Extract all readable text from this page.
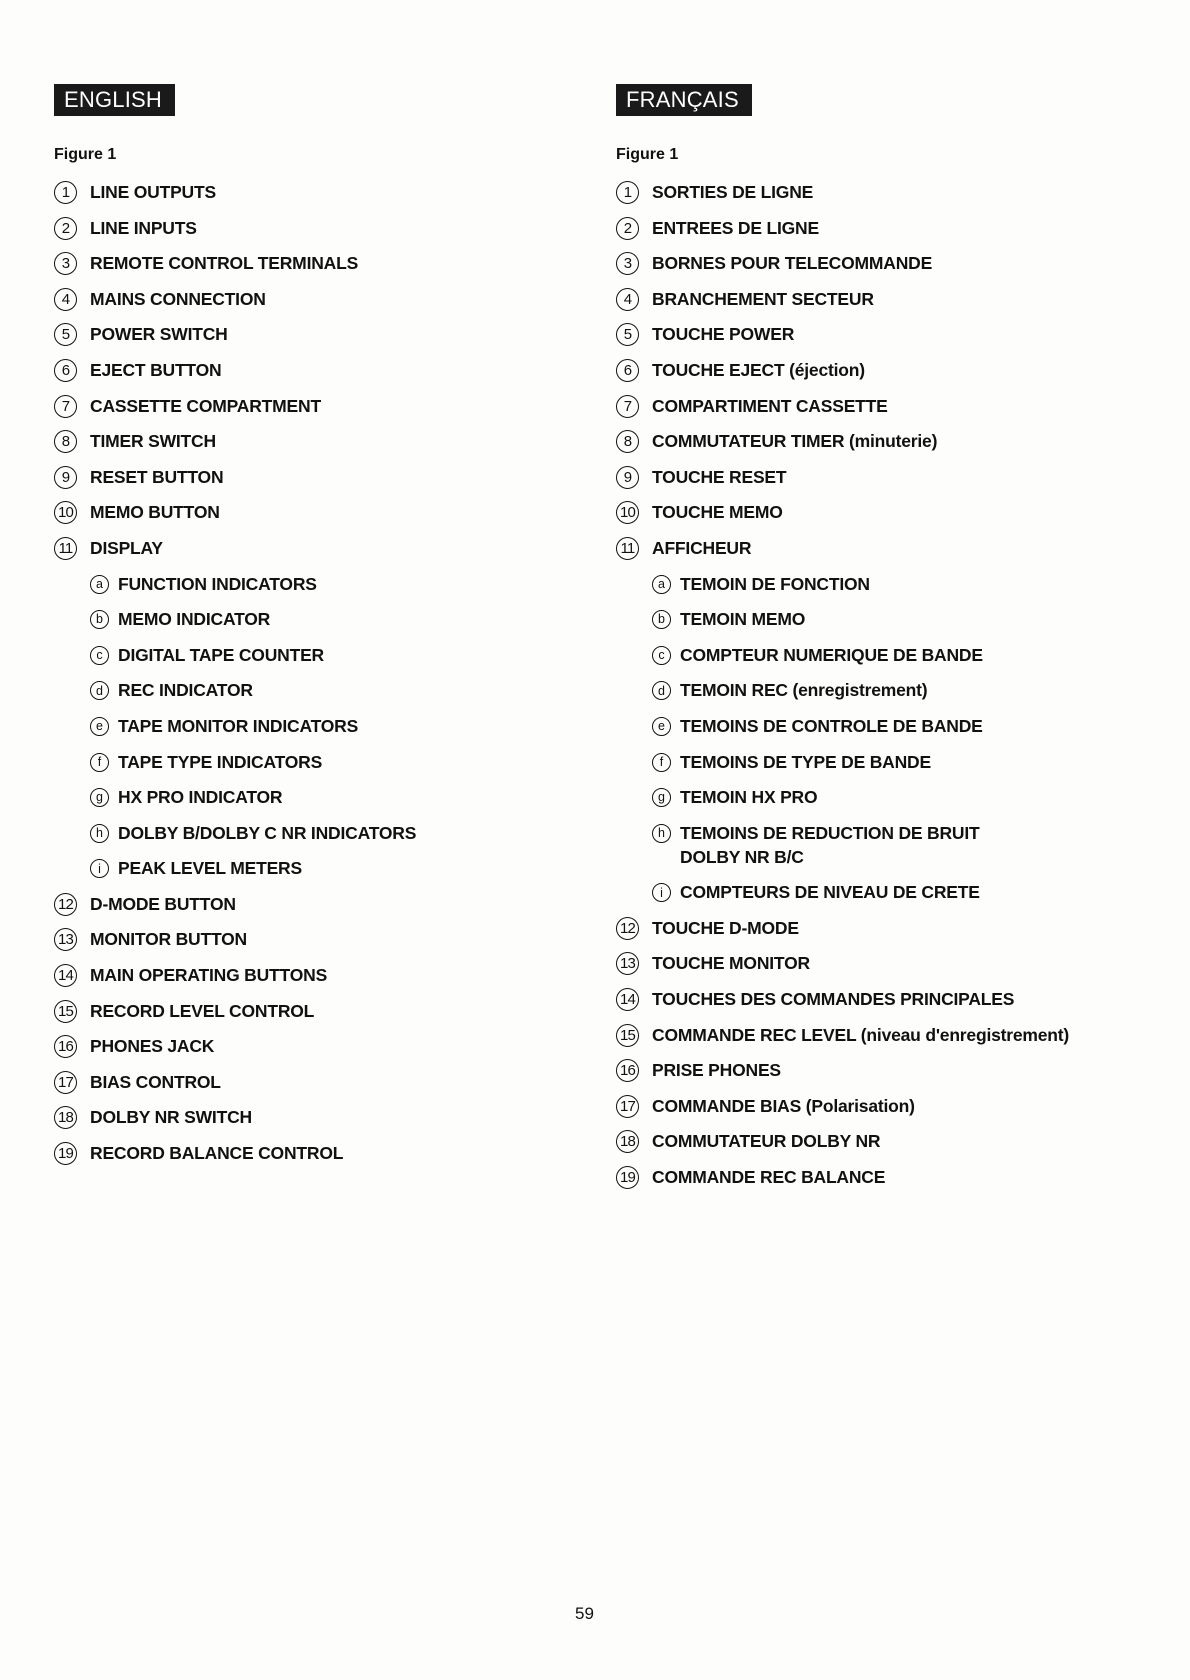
ENGLISH
Figure 1
1	LINE OUTPUTS
2	LINE INPUTS
3	REMOTE CONTROL TERMINALS
4	MAINS CONNECTION
5	POWER SWITCH
6	EJECT BUTTON
7	CASSETTE COMPARTMENT
8	TIMER SWITCH
9	RESET BUTTON
10 MEMO BUTTON
11 DISPLAY
a FUNCTION INDICATORS
b MEMO INDICATOR
c DIGITAL TAPE COUNTER
d REC INDICATOR
e TAPE MONITOR INDICATORS
f TAPE TYPE INDICATORS
g HX PRO INDICATOR
h DOLBY B/DOLBY C NR INDICATORS
i PEAK LEVEL METERS
12 D-MODE BUTTON
13 MONITOR BUTTON
14 MAIN OPERATING BUTTONS
15 RECORD LEVEL CONTROL
16 PHONES JACK
17 BIAS CONTROL
18 DOLBY NR SWITCH
19 RECORD BALANCE CONTROL
FRANÇAIS
Figure 1
1	SORTIES DE LIGNE
2	ENTREES DE LIGNE
3	BORNES POUR TELECOMMANDE
4	BRANCHEMENT SECTEUR
5	TOUCHE POWER
6	TOUCHE EJECT (éjection)
7	COMPARTIMENT CASSETTE
8	COMMUTATEUR TIMER (minuterie)
9	TOUCHE RESET
10 TOUCHE MEMO
11 AFFICHEUR
a TEMOIN DE FONCTION
b TEMOIN MEMO
c COMPTEUR NUMERIQUE DE BANDE
d TEMOIN REC (enregistrement)
e TEMOINS DE CONTROLE DE BANDE
f TEMOINS DE TYPE DE BANDE
g TEMOIN HX PRO
h TEMOINS DE REDUCTION DE BRUIT
DOLBY NR B/C
i COMPTEURS DE NIVEAU DE CRETE
12 TOUCHE D-MODE
13 TOUCHE MONITOR
14 TOUCHES DES COMMANDES PRINCIPALES
15 COMMANDE REC LEVEL (niveau d'enregistrement)
16 PRISE PHONES
17 COMMANDE BIAS (Polarisation)
18 COMMUTATEUR DOLBY NR
19 COMMANDE REC BALANCE
59
